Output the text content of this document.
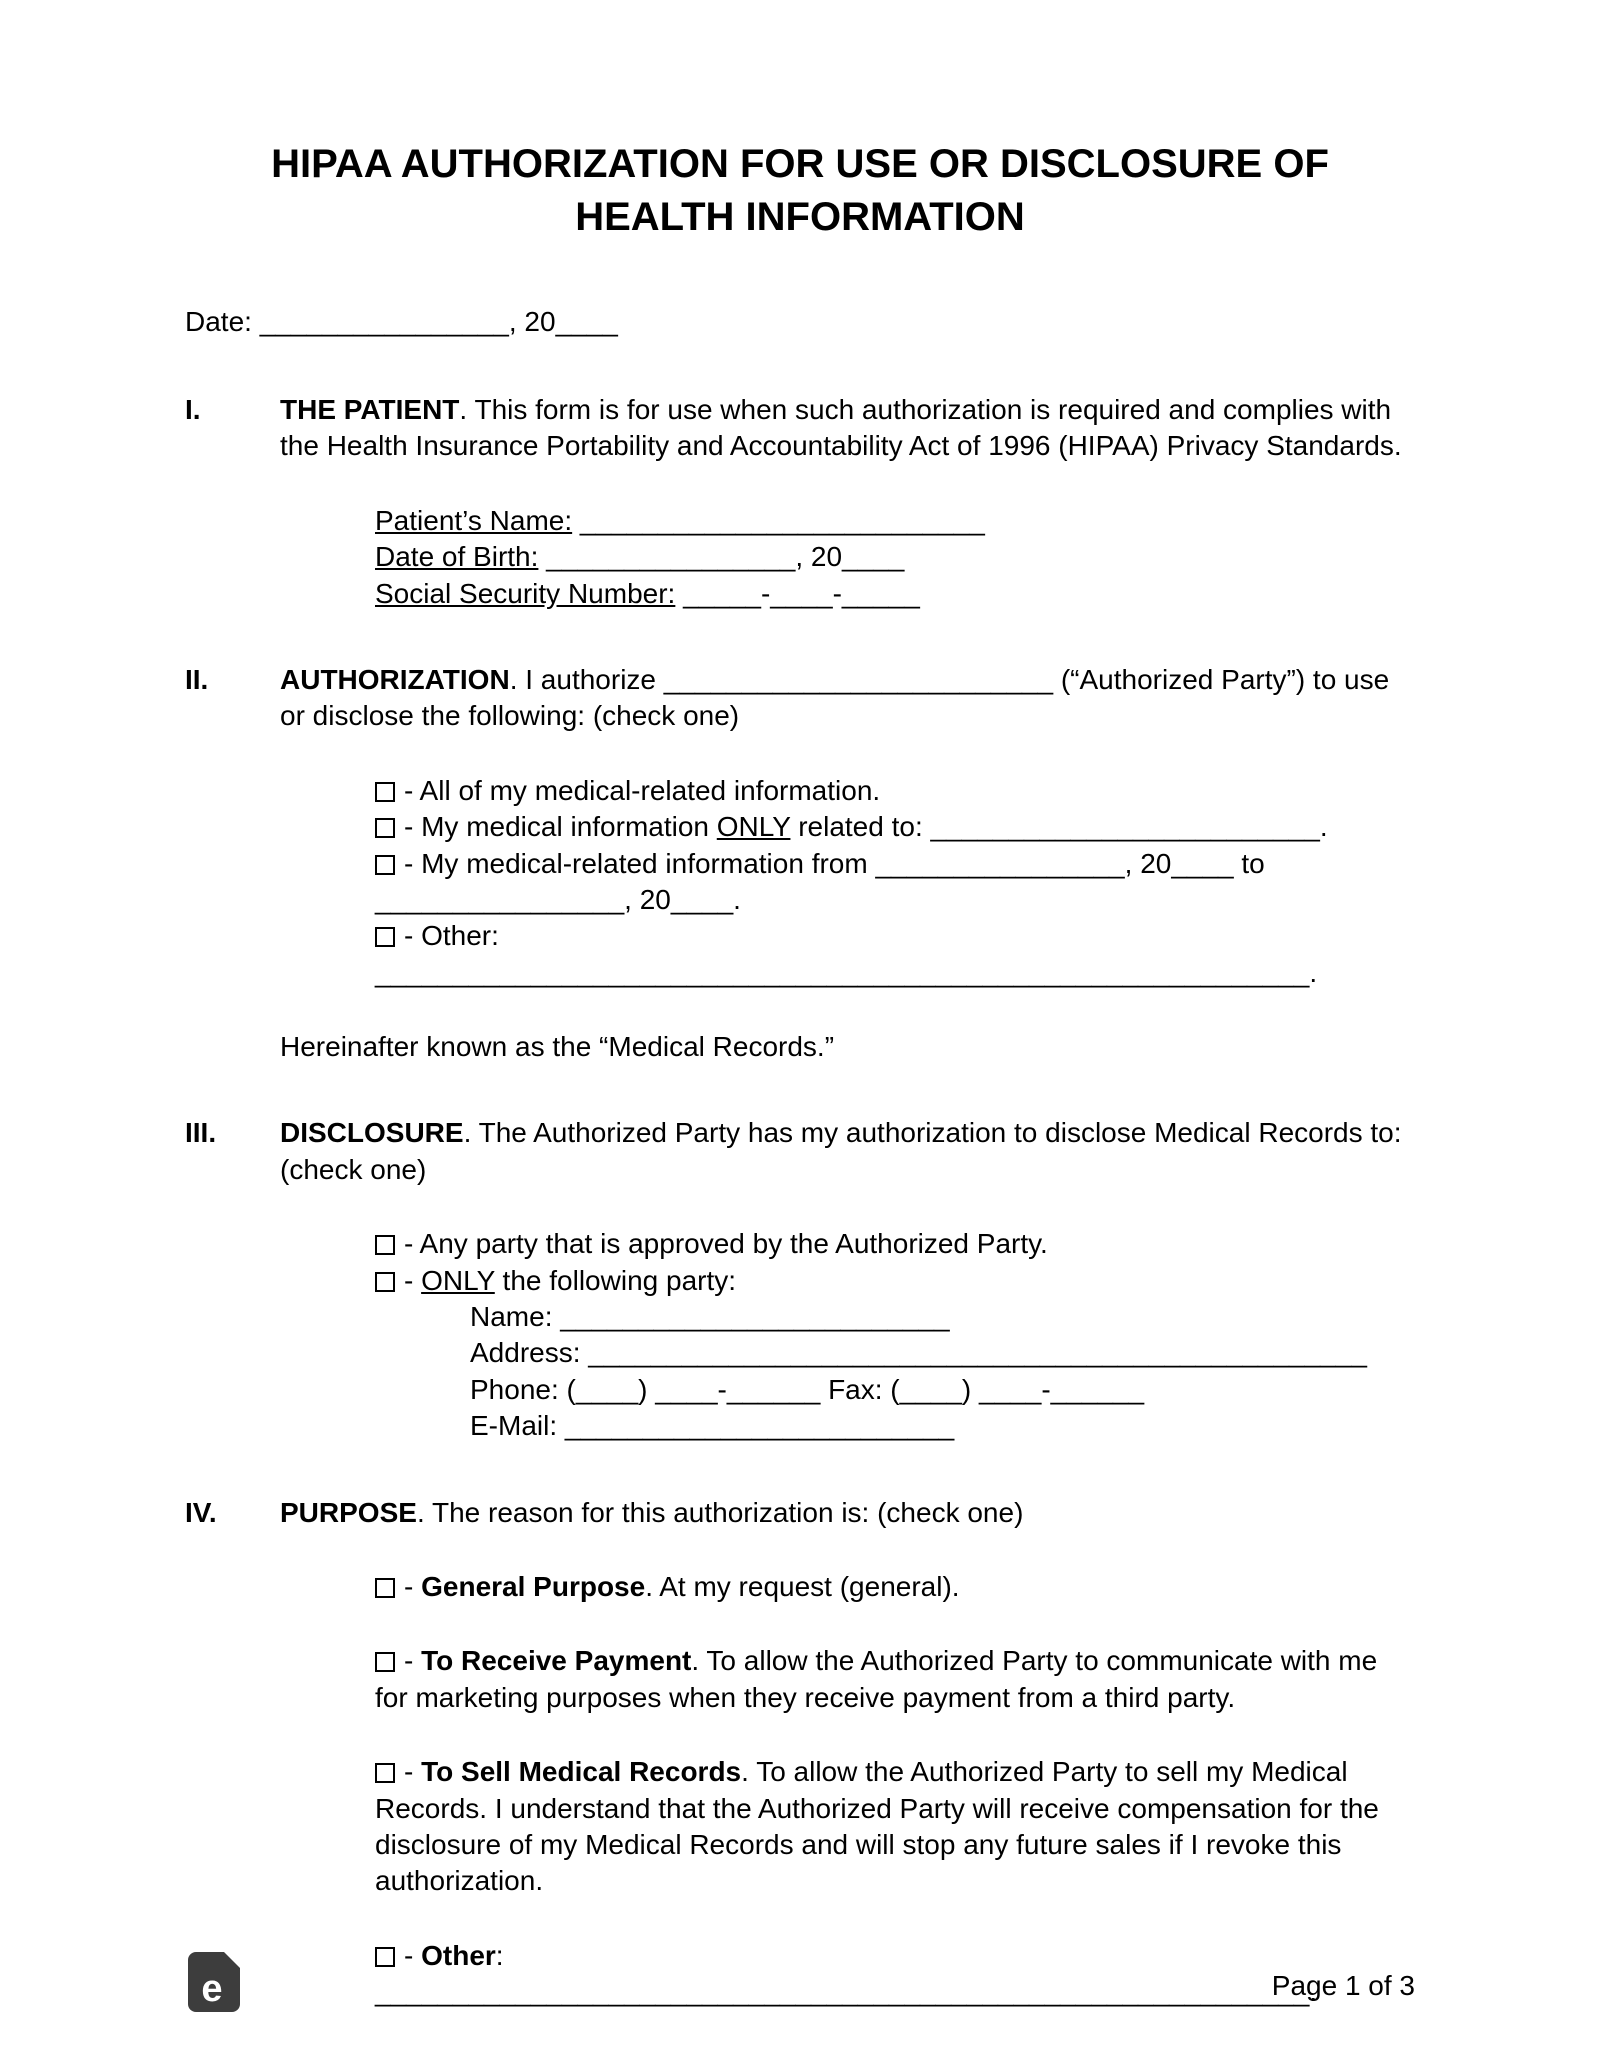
HIPAA AUTHORIZATION FOR USE OR DISCLOSURE OF
HEALTH INFORMATION

Date: ________________, 20____

I.	THE PATIENT. This form is for use when such authorization is required and complies with the Health Insurance Portability and Accountability Act of 1996 (HIPAA) Privacy Standards.

Patient’s Name: __________________________

Date of Birth: ________________, 20____

Social Security Number: _____-____-_____

II.	AUTHORIZATION. I authorize _________________________ (“Authorized Party”) to use or disclose the following: (check one)

- All of my medical-related information.

- My medical information ONLY related to: _________________________.

- My medical-related information from ________________, 20____ to ________________, 20____.

- Other: ____________________________________________________________.

Hereinafter known as the “Medical Records.”

III.	DISCLOSURE. The Authorized Party has my authorization to disclose Medical Records to: (check one)

- Any party that is approved by the Authorized Party.

- ONLY the following party:

Name: _________________________

Address: __________________________________________________

Phone: (____) ____-______ Fax: (____) ____-______

E-Mail: _________________________

IV.	PURPOSE. The reason for this authorization is: (check one)

- General Purpose. At my request (general).

- To Receive Payment. To allow the Authorized Party to communicate with me for marketing purposes when they receive payment from a third party.

- To Sell Medical Records. To allow the Authorized Party to sell my Medical Records. I understand that the Authorized Party will receive compensation for the disclosure of my Medical Records and will stop any future sales if I revoke this authorization.

- Other: ____________________________________________________________.

e	Page 1 of 3
